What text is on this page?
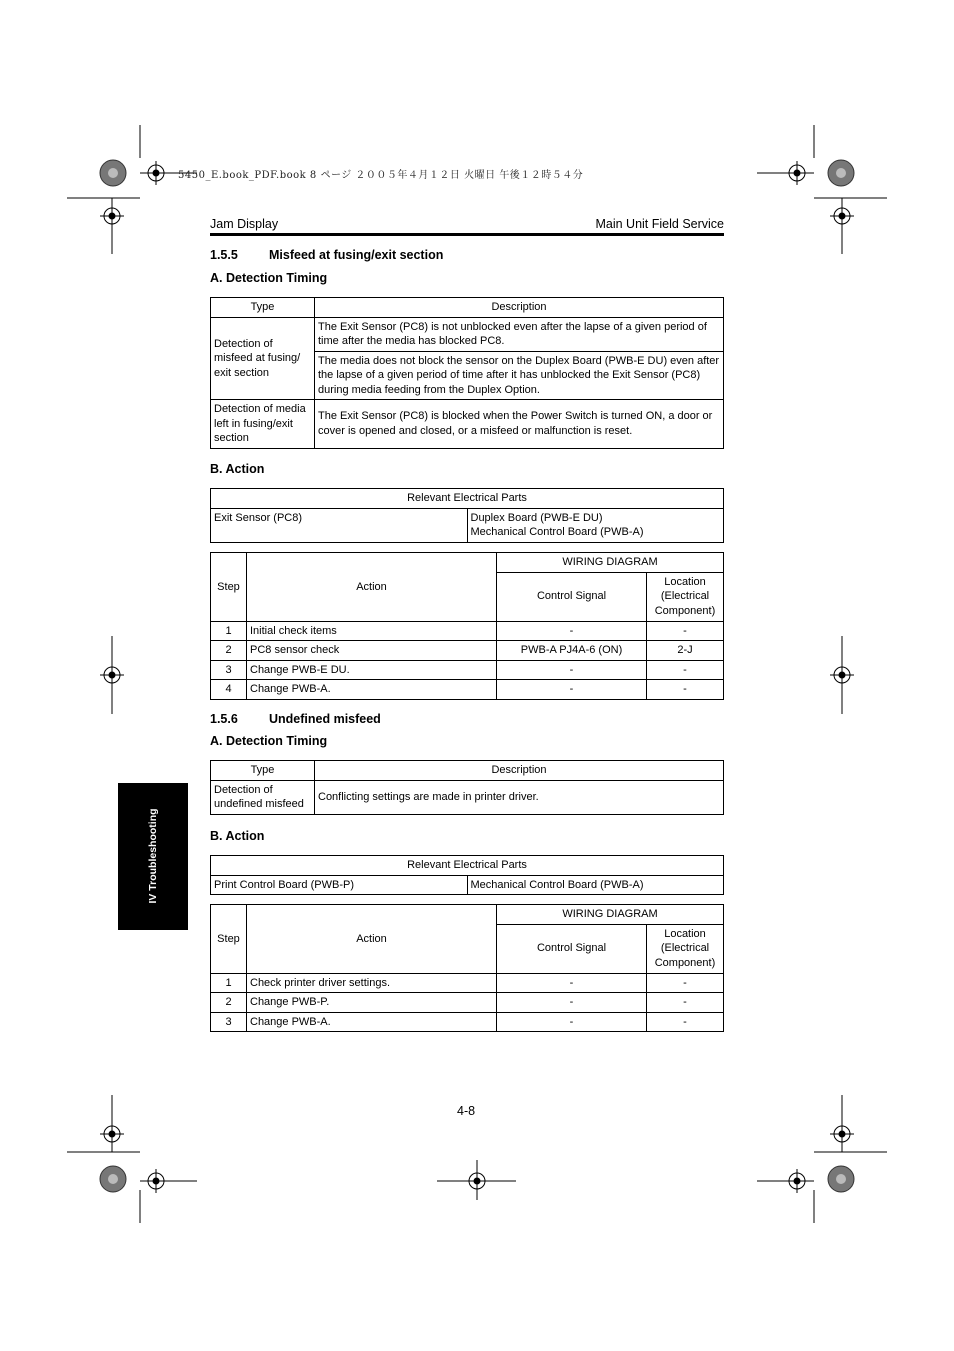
5450_E.book_PDF.book 8 ページ ２００５年４月１２日 火曜日 午後１２時５４分
Jam Display	Main Unit Field Service
IV Troubleshooting
1.5.5 Misfeed at fusing/exit section
A. Detection Timing
Type	Description
Detection of misfeed at fusing/ exit section	The Exit Sensor (PC8) is not unblocked even after the lapse of a given period of time after the media has blocked PC8.
	The media does not block the sensor on the Duplex Board (PWB-E DU) even after the lapse of a given period of time after it has unblocked the Exit Sensor (PC8) during media feeding from the Duplex Option.
Detection of media left in fusing/exit section	The Exit Sensor (PC8) is blocked when the Power Switch is turned ON, a door or cover is opened and closed, or a misfeed or malfunction is reset.
B. Action
Relevant Electrical Parts
Exit Sensor (PC8)	Duplex Board (PWB-E DU)
Mechanical Control Board (PWB-A)
Step	Action	WIRING DIAGRAM	
		Control Signal	Location (Electrical Component)
1	Initial check items	-	-
2	PC8 sensor check	PWB-A PJ4A-6 (ON)	2-J
3	Change PWB-E DU.	-	-
4	Change PWB-A.	-	-
1.5.6 Undefined misfeed
A. Detection Timing
Type	Description
Detection of undefined misfeed	Conflicting settings are made in printer driver.
B. Action
Relevant Electrical Parts
Print Control Board (PWB-P)	Mechanical Control Board (PWB-A)
Step	Action	WIRING DIAGRAM	
		Control Signal	Location (Electrical Component)
1	Check printer driver settings.	-	-
2	Change PWB-P.	-	-
3	Change PWB-A.	-	-
4-8
